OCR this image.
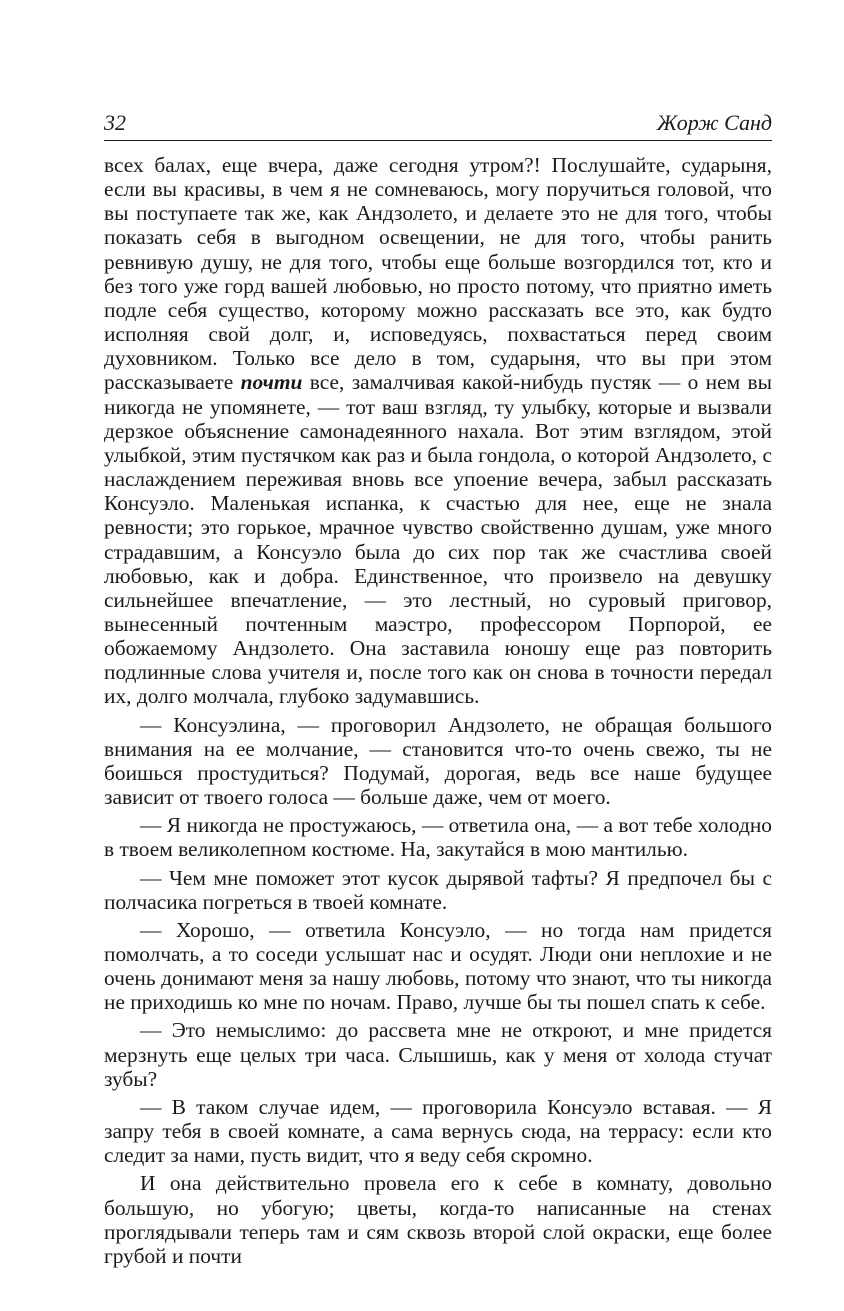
32	Жорж Санд

всех балах, еще вчера, даже сегодня утром?! Послушайте, сударыня, если вы красивы, в чем я не сомневаюсь, могу поручиться головой, что вы поступаете так же, как Андзолето, и делаете это не для того, чтобы показать себя в выгодном освещении, не для того, чтобы ранить ревнивую душу, не для того, чтобы еще больше возгордился тот, кто и без того уже горд вашей любовью, но просто потому, что приятно иметь подле себя существо, которому можно рассказать все это, как будто исполняя свой долг, и, исповедуясь, похвастаться перед своим духовником. Только все дело в том, сударыня, что вы при этом рассказываете почти все, замалчивая какой-нибудь пустяк — о нем вы никогда не упомянете, — тот ваш взгляд, ту улыбку, которые и вызвали дерзкое объяснение самонадеянного нахала. Вот этим взглядом, этой улыбкой, этим пустячком как раз и была гондола, о которой Андзолето, с наслаждением переживая вновь все упоение вечера, забыл рассказать Консуэло. Маленькая испанка, к счастью для нее, еще не знала ревности; это горькое, мрачное чувство свойственно душам, уже много страдавшим, а Консуэло была до сих пор так же счастлива своей любовью, как и добра. Единственное, что произвело на девушку сильнейшее впечатление, — это лестный, но суровый приговор, вынесенный почтенным маэстро, профессором Порпорой, ее обожаемому Андзолето. Она заставила юношу еще раз повторить подлинные слова учителя и, после того как он снова в точности передал их, долго молчала, глубоко задумавшись.

— Консуэлина, — проговорил Андзолето, не обращая большого внимания на ее молчание, — становится что-то очень свежо, ты не боишься простудиться? Подумай, дорогая, ведь все наше будущее зависит от твоего голоса — больше даже, чем от моего.

— Я никогда не простужаюсь, — ответила она, — а вот тебе холодно в твоем великолепном костюме. На, закутайся в мою мантилью.

— Чем мне поможет этот кусок дырявой тафты? Я предпочел бы с полчасика погреться в твоей комнате.

— Хорошо, — ответила Консуэло, — но тогда нам придется помолчать, а то соседи услышат нас и осудят. Люди они неплохие и не очень донимают меня за нашу любовь, потому что знают, что ты никогда не приходишь ко мне по ночам. Право, лучше бы ты пошел спать к себе.

— Это немыслимо: до рассвета мне не откроют, и мне придется мерзнуть еще целых три часа. Слышишь, как у меня от холода стучат зубы?

— В таком случае идем, — проговорила Консуэло вставая. — Я запру тебя в своей комнате, а сама вернусь сюда, на террасу: если кто следит за нами, пусть видит, что я веду себя скромно.

И она действительно провела его к себе в комнату, довольно большую, но убогую; цветы, когда-то написанные на стенах проглядывали теперь там и сям сквозь второй слой окраски, еще более грубой и почти
